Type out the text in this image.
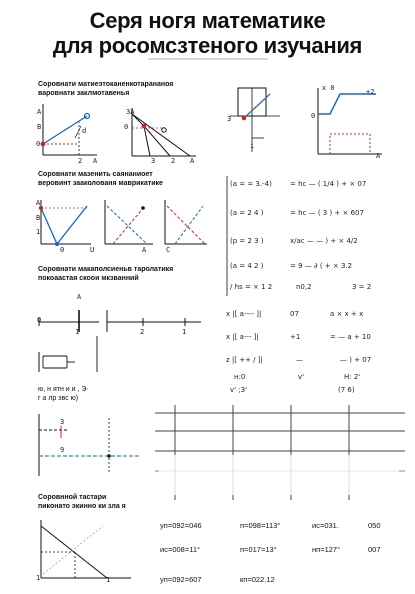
Серя ногя математике
для росомсзтеного изучания
Соровнати матиеэтоканенкотарананоя
варовнати заклмотавенья
A
B
0
2 A
d
3A
0
3 2 A
3
i
x 0	+2
0
A
Соровнати мазенить саянаниоет
веровинт зааколованя маврикатике
A
B
1
0	U	A	C
(a = = 3.-4)	= hc — ( 1/4 ) + × 07
(a = 2 4 )	= hc — ( 3 ) + × 607
(p = 2 3 )	x/ac — — ) + × 4/2
(a = 4 2 )	= 9 — ∂ ( + × 3.2
/ hs = × 1 2	n0,2	3 = 2
Соровнати макаполсиеньв таролатикя
покоаастая скоои мкзванний
A
0
1	2	1
x |[ a---- ]|	07	a × x + x
x |[ a--- ]|	+1	= — a + 10
z |[ ++ / ]|	—	— ) + 07
н:0	v'	H: 2'
v' ;3'	(7 6)
ю, н ятн и и , Э·
г а лр звс ю)
3
9
Соровнной тастари
пиконато экинно ки зла я
1	1
уп=092=046	п=098=113°	ис=031.	050
ис=008=11°	п=017=13°	нп=127°	007
уп=092=607	кп=022.12
